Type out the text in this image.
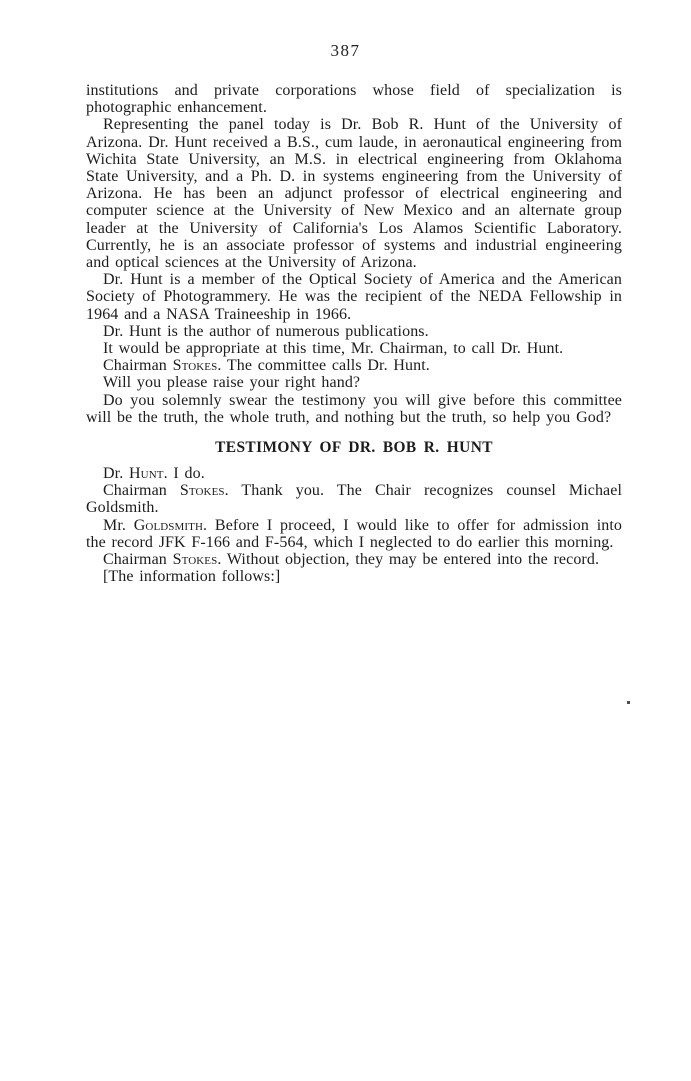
387

institutions and private corporations whose field of specialization is photographic enhancement.

Representing the panel today is Dr. Bob R. Hunt of the University of Arizona. Dr. Hunt received a B.S., cum laude, in aeronautical engineering from Wichita State University, an M.S. in electrical engineering from Oklahoma State University, and a Ph. D. in systems engineering from the University of Arizona. He has been an adjunct professor of electrical engineering and computer science at the University of New Mexico and an alternate group leader at the University of California's Los Alamos Scientific Laboratory. Currently, he is an associate professor of systems and industrial engineering and optical sciences at the University of Arizona.

Dr. Hunt is a member of the Optical Society of America and the American Society of Photogrammery. He was the recipient of the NEDA Fellowship in 1964 and a NASA Traineeship in 1966.

Dr. Hunt is the author of numerous publications.

It would be appropriate at this time, Mr. Chairman, to call Dr. Hunt.

Chairman Stokes. The committee calls Dr. Hunt.

Will you please raise your right hand?

Do you solemnly swear the testimony you will give before this committee will be the truth, the whole truth, and nothing but the truth, so help you God?

TESTIMONY OF DR. BOB R. HUNT

Dr. Hunt. I do.

Chairman Stokes. Thank you. The Chair recognizes counsel Michael Goldsmith.

Mr. Goldsmith. Before I proceed, I would like to offer for admission into the record JFK F-166 and F-564, which I neglected to do earlier this morning.

Chairman Stokes. Without objection, they may be entered into the record.

[The information follows:]
